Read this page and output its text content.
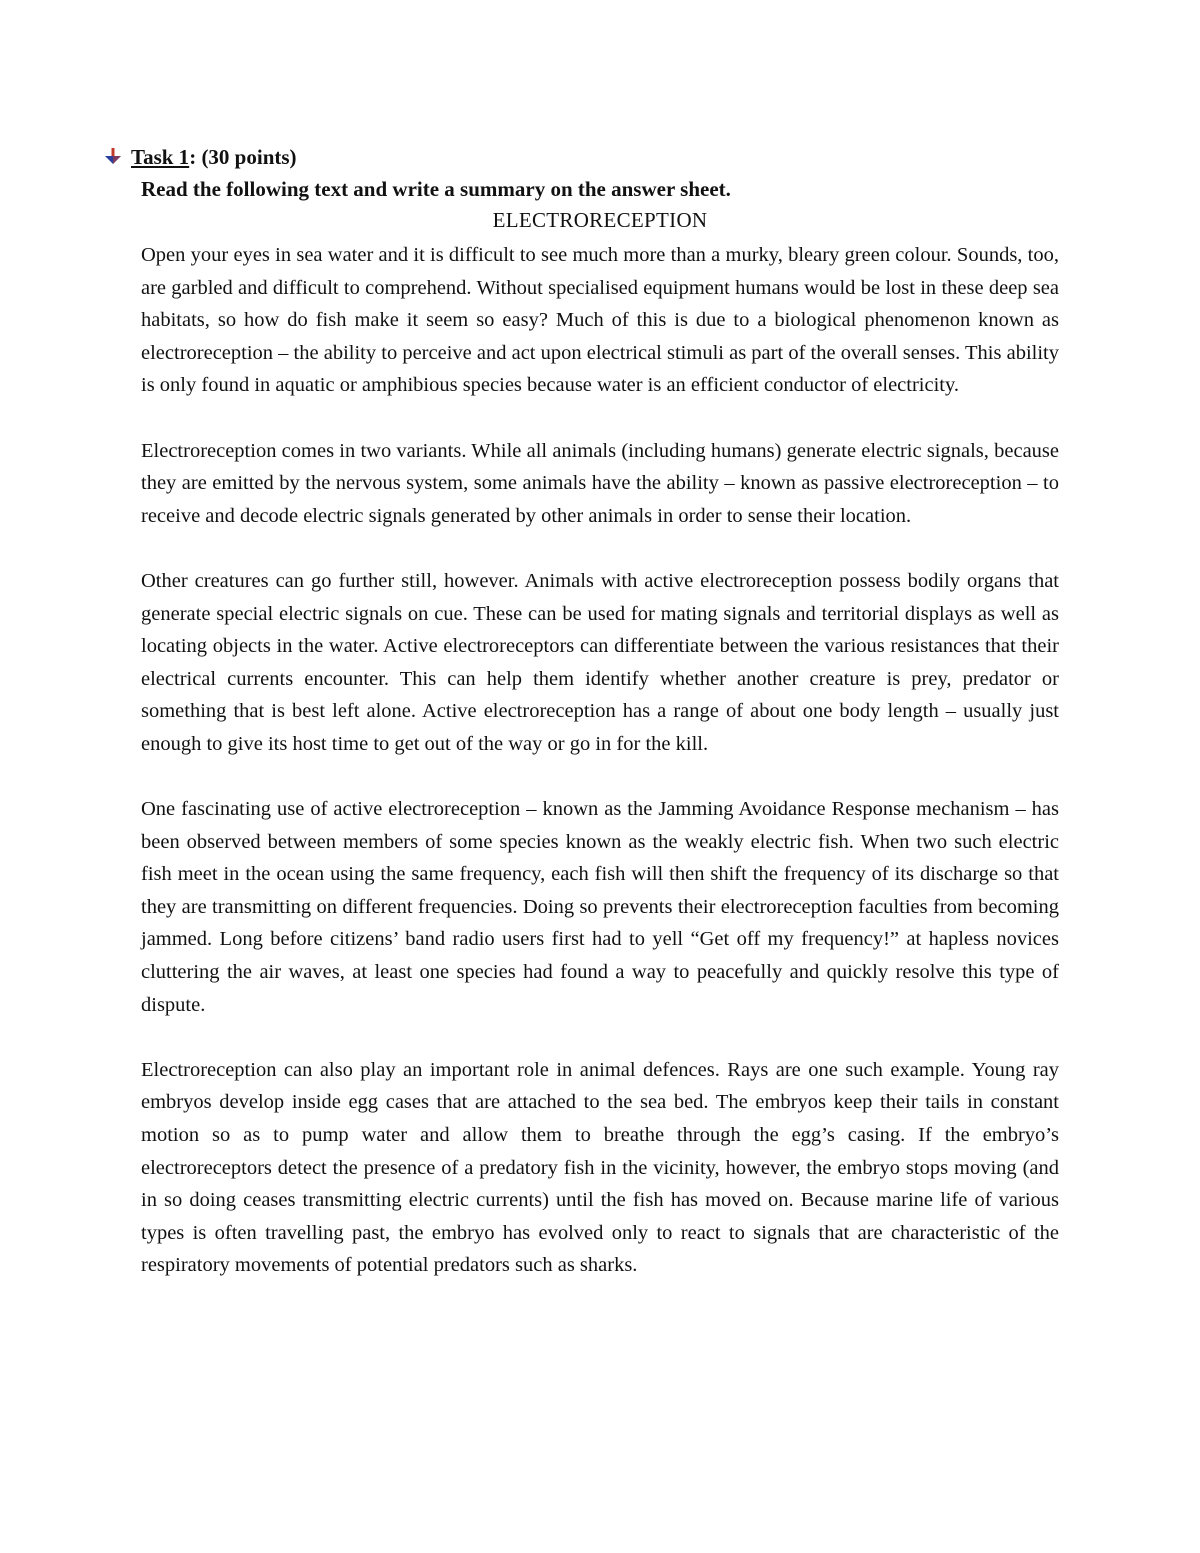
Task 1: (30 points)
Read the following text and write a summary on the answer sheet.
ELECTRORECEPTION

Open your eyes in sea water and it is difficult to see much more than a murky, bleary green colour. Sounds, too, are garbled and difficult to comprehend. Without specialised equipment humans would be lost in these deep sea habitats, so how do fish make it seem so easy? Much of this is due to a biological phenomenon known as electroreception – the ability to perceive and act upon electrical stimuli as part of the overall senses. This ability is only found in aquatic or amphibious species because water is an efficient conductor of electricity.

Electroreception comes in two variants. While all animals (including humans) generate electric signals, because they are emitted by the nervous system, some animals have the ability – known as passive electroreception – to receive and decode electric signals generated by other animals in order to sense their location.

Other creatures can go further still, however. Animals with active electroreception possess bodily organs that generate special electric signals on cue. These can be used for mating signals and territorial displays as well as locating objects in the water. Active electroreceptors can differentiate between the various resistances that their electrical currents encounter. This can help them identify whether another creature is prey, predator or something that is best left alone. Active electroreception has a range of about one body length – usually just enough to give its host time to get out of the way or go in for the kill.

One fascinating use of active electroreception – known as the Jamming Avoidance Response mechanism – has been observed between members of some species known as the weakly electric fish. When two such electric fish meet in the ocean using the same frequency, each fish will then shift the frequency of its discharge so that they are transmitting on different frequencies. Doing so prevents their electroreception faculties from becoming jammed. Long before citizens’ band radio users first had to yell “Get off my frequency!” at hapless novices cluttering the air waves, at least one species had found a way to peacefully and quickly resolve this type of dispute.

Electroreception can also play an important role in animal defences. Rays are one such example. Young ray embryos develop inside egg cases that are attached to the sea bed. The embryos keep their tails in constant motion so as to pump water and allow them to breathe through the egg’s casing. If the embryo’s electroreceptors detect the presence of a predatory fish in the vicinity, however, the embryo stops moving (and in so doing ceases transmitting electric currents) until the fish has moved on. Because marine life of various types is often travelling past, the embryo has evolved only to react to signals that are characteristic of the respiratory movements of potential predators such as sharks.
